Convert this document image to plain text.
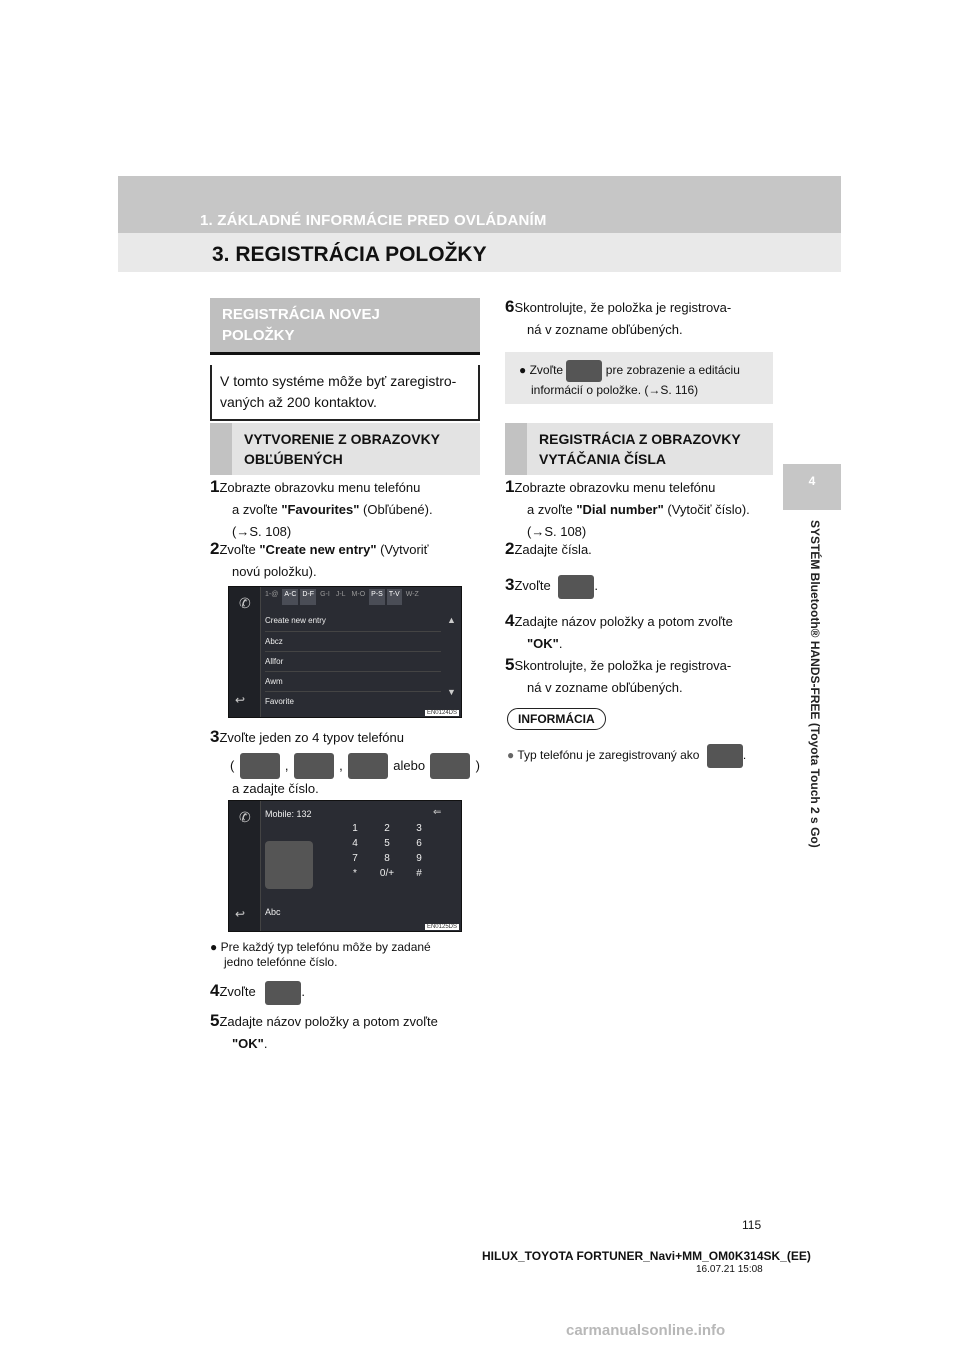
1. ZÁKLADNÉ INFORMÁCIE PRED OVLÁDANÍM
3. REGISTRÁCIA POLOŽKY
4
SYSTÉM Bluetooth® HANDS-FREE (Toyota Touch 2 s Go)
REGISTRÁCIA NOVEJ
POLOŽKY
V tomto systéme môže byť zaregistro-
vaných až 200 kontaktov.
VYTVORENIE Z OBRAZOVKY
OBĽÚBENÝCH
1Zobrazte obrazovku menu telefónu
a zvoľte "Favourites" (Obľúbené).
(→S. 108)
2Zvoľte "Create new entry" (Vytvoriť
novú položku).
✆
↩
1-@ A-C D-F G-I J-L M-O P-S T-V W-Z
Create new entry
Abcz
Allfor
Awm
Favorite
▲
▼
EN0124DS
3Zvoľte jeden zo 4 typov telefónu
(	,	,	alebo	)
a zadajte číslo.
✆
↩
Mobile: 132	⇐
Abc
1	2	3
4	5	6
7	8	9
*	0/+	#
EN0125DS
● Pre každý typ telefónu môže by zadané
jedno telefónne číslo.
4Zvoľte	.
5Zadajte názov položky a potom zvoľte
"OK".
6Skontrolujte, že položka je registrova-
ná v zozname obľúbených.
● Zvoľte	pre zobrazenie a editáciu
informácií o položke. (→S. 116)
REGISTRÁCIA Z OBRAZOVKY
VYTÁČANIA ČÍSLA
1Zobrazte obrazovku menu telefónu
a zvoľte "Dial number" (Vytočiť číslo).
(→S. 108)
2Zadajte čísla.
3Zvoľte	.
4Zadajte názov položky a potom zvoľte
"OK".
5Skontrolujte, že položka je registrova-
ná v zozname obľúbených.
INFORMÁCIA
● Typ telefónu je zaregistrovaný ako	.
115
HILUX_TOYOTA FORTUNER_Navi+MM_OM0K314SK_(EE)
16.07.21 15:08
carmanualsonline.info
